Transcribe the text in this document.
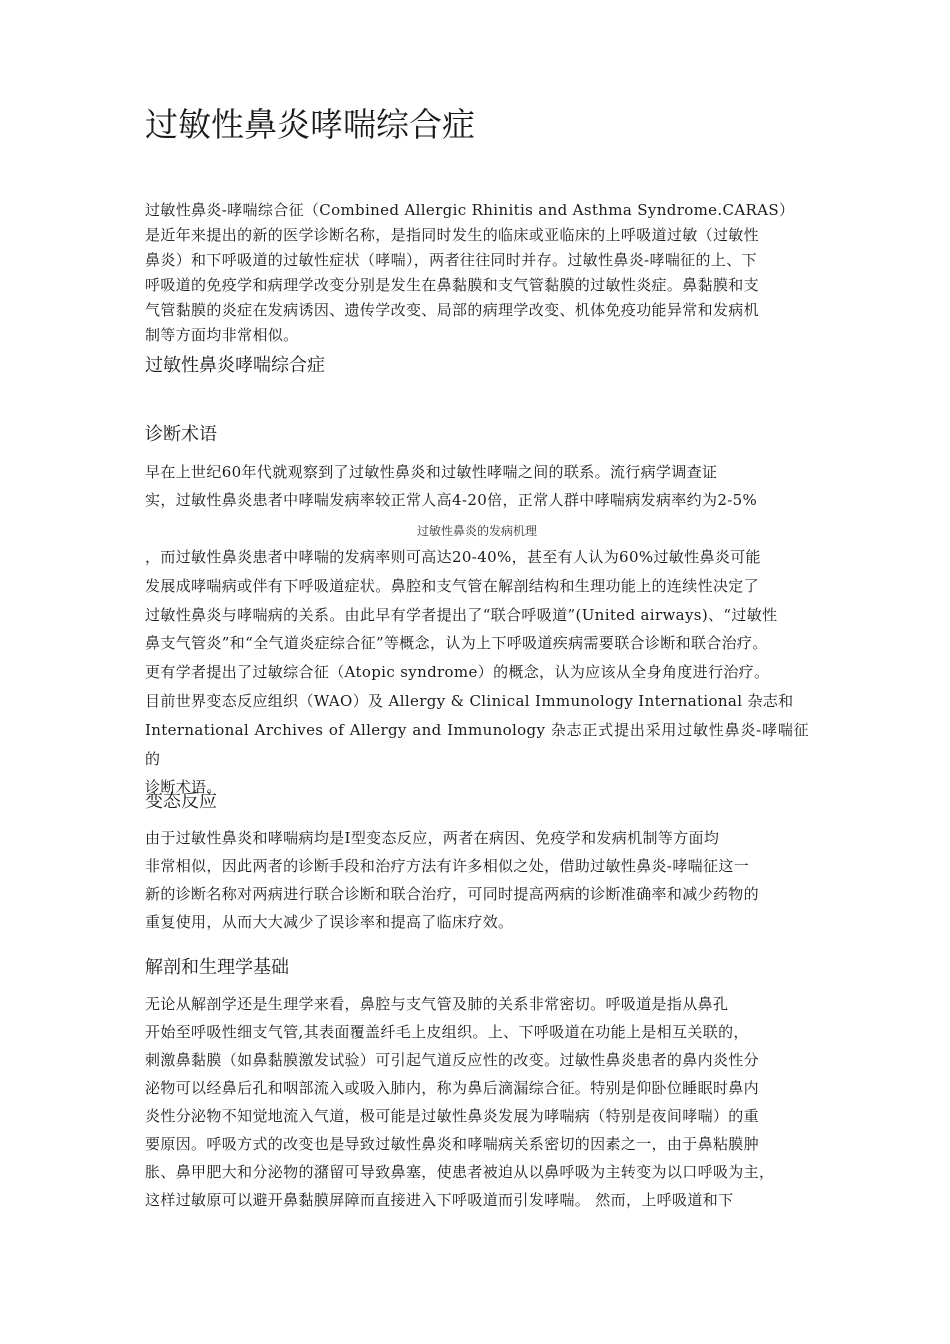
过敏性鼻炎哮喘综合症

过敏性鼻炎-哮喘综合征（Combined Allergic Rhinitis and Asthma Syndrome.CARAS）
是近年来提出的新的医学诊断名称，是指同时发生的临床或亚临床的上呼吸道过敏（过敏性
鼻炎）和下呼吸道的过敏性症状（哮喘），两者往往同时并存。过敏性鼻炎-哮喘征的上、下
呼吸道的免疫学和病理学改变分别是发生在鼻黏膜和支气管黏膜的过敏性炎症。鼻黏膜和支
气管黏膜的炎症在发病诱因、遗传学改变、局部的病理学改变、机体免疫功能异常和发病机
制等方面均非常相似。

过敏性鼻炎哮喘综合症
诊断术语

早在上世纪60年代就观察到了过敏性鼻炎和过敏性哮喘之间的联系。流行病学调查证
实，过敏性鼻炎患者中哮喘发病率较正常人高4-20倍，正常人群中哮喘病发病率约为2-5%

过敏性鼻炎的发病机理

，而过敏性鼻炎患者中哮喘的发病率则可高达20-40%，甚至有人认为60%过敏性鼻炎可能
发展成哮喘病或伴有下呼吸道症状。鼻腔和支气管在解剖结构和生理功能上的连续性决定了
过敏性鼻炎与哮喘病的关系。由此早有学者提出了“联合呼吸道”(United airways)、“过敏性
鼻支气管炎”和“全气道炎症综合征”等概念，认为上下呼吸道疾病需要联合诊断和联合治疗。
更有学者提出了过敏综合征（Atopic syndrome）的概念，认为应该从全身角度进行治疗。
目前世界变态反应组织（WAO）及 Allergy & Clinical Immunology International 杂志和
International Archives of Allergy and Immunology 杂志正式提出采用过敏性鼻炎-哮喘征的
诊断术语。

变态反应

由于过敏性鼻炎和哮喘病均是Ⅰ型变态反应，两者在病因、免疫学和发病机制等方面均
非常相似，因此两者的诊断手段和治疗方法有许多相似之处，借助过敏性鼻炎-哮喘征这一
新的诊断名称对两病进行联合诊断和联合治疗，可同时提高两病的诊断准确率和减少药物的
重复使用，从而大大减少了误诊率和提高了临床疗效。

解剖和生理学基础

无论从解剖学还是生理学来看，鼻腔与支气管及肺的关系非常密切。呼吸道是指从鼻孔
开始至呼吸性细支气管,其表面覆盖纤毛上皮组织。上、下呼吸道在功能上是相互关联的，
刺激鼻黏膜（如鼻黏膜激发试验）可引起气道反应性的改变。过敏性鼻炎患者的鼻内炎性分
泌物可以经鼻后孔和咽部流入或吸入肺内，称为鼻后滴漏综合征。特别是仰卧位睡眠时鼻内
炎性分泌物不知觉地流入气道，极可能是过敏性鼻炎发展为哮喘病（特别是夜间哮喘）的重
要原因。呼吸方式的改变也是导致过敏性鼻炎和哮喘病关系密切的因素之一，由于鼻粘膜肿
胀、鼻甲肥大和分泌物的潴留可导致鼻塞，使患者被迫从以鼻呼吸为主转变为以口呼吸为主，
这样过敏原可以避开鼻黏膜屏障而直接进入下呼吸道而引发哮喘。 然而，上呼吸道和下
